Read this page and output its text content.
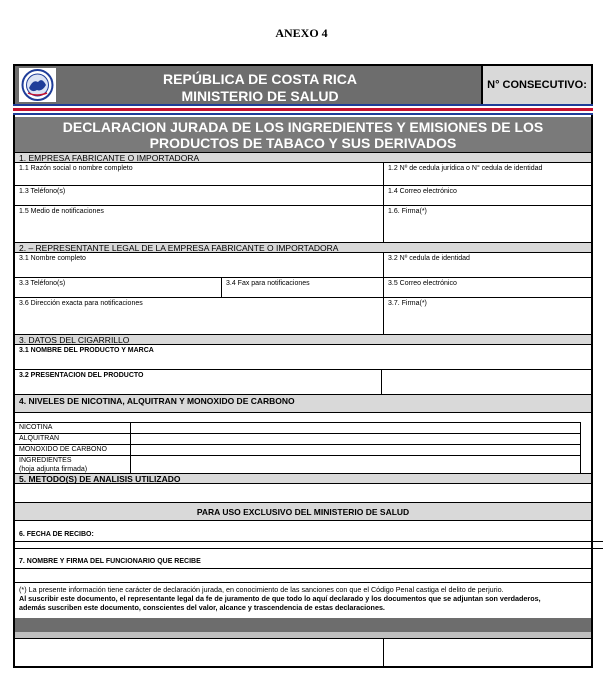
ANEXO 4
REPÚBLICA DE COSTA RICA
MINISTERIO DE SALUD
N° CONSECUTIVO:
DECLARACION JURADA DE LOS INGREDIENTES Y EMISIONES DE LOS
PRODUCTOS DE TABACO Y SUS DERIVADOS
1. EMPRESA FABRICANTE O IMPORTADORA
1.1 Razón social o nombre completo	1.2 Nº de cedula jurídica o N° cedula de identidad
1.3 Teléfono(s)	1.4 Correo electrónico
1.5 Medio de notificaciones	1.6. Firma(*)
2. – REPRESENTANTE LEGAL DE LA EMPRESA FABRICANTE O IMPORTADORA
3.1 Nombre completo	3.2 Nº cedula de identidad
3.3 Teléfono(s)	3.4 Fax para notificaciones	3.5 Correo electrónico
3.6 Dirección exacta para notificaciones	3.7. Firma(*)
3. DATOS DEL CIGARRILLO
3.1 NOMBRE DEL PRODUCTO Y MARCA
3.2 PRESENTACION DEL PRODUCTO
4. NIVELES DE NICOTINA, ALQUITRAN Y MONOXIDO DE CARBONO
NICOTINA
ALQUITRAN
MONOXIDO DE CARBONO
INGREDIENTES
(hoja adjunta firmada)
5. METODO(S) DE ANALISIS UTILIZADO
PARA USO EXCLUSIVO DEL MINISTERIO DE SALUD
6. FECHA DE RECIBO:
7. NOMBRE Y FIRMA DEL FUNCIONARIO QUE RECIBE
(*) La presente información tiene carácter de declaración jurada, en conocimiento de las sanciones con que el Código Penal castiga el delito de perjurio.
Al suscribir este documento, el representante legal da fe de juramento de que todo lo aquí declarado y los documentos que se adjuntan son verdaderos,
además suscriben este documento, conscientes del valor, alcance y trascendencia de estas declaraciones.
